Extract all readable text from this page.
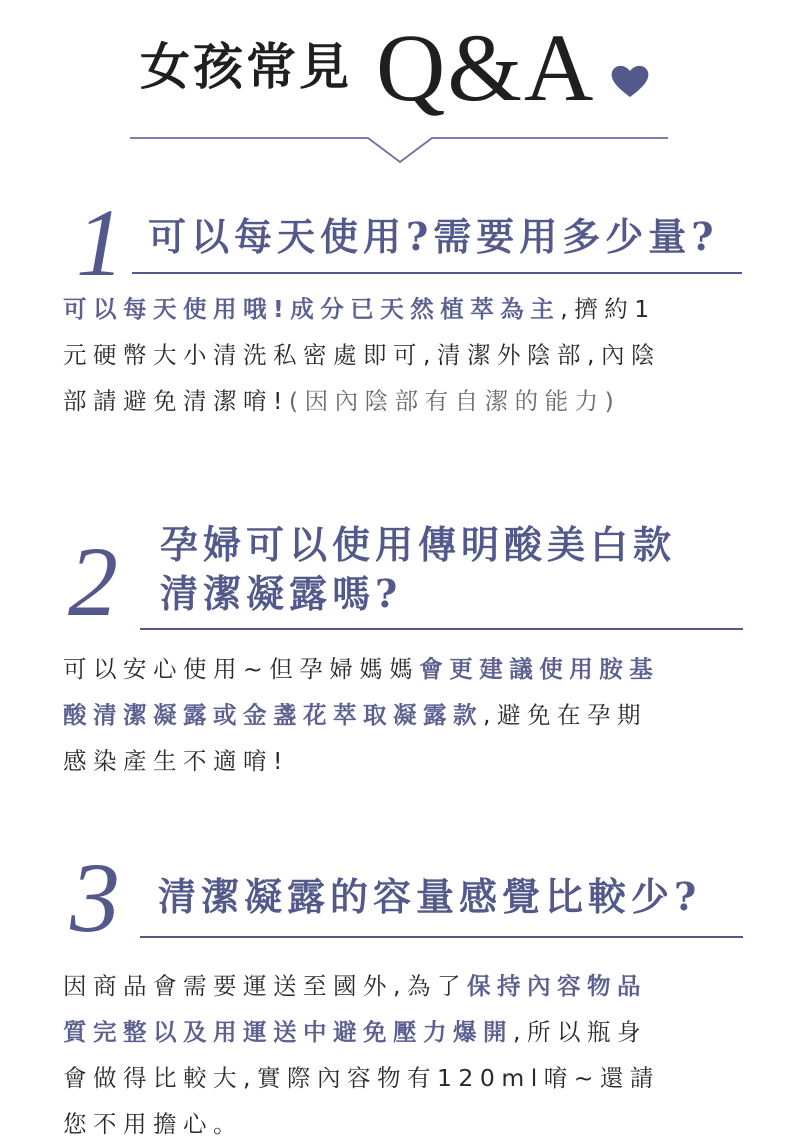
女孩常見 Q&A
1 可以每天使用?需要用多少量?
可以每天使用哦!成分已天然植萃為主,擠約1
元硬幣大小清洗私密處即可,清潔外陰部,內陰
部請避免清潔唷!(因內陰部有自潔的能力)
2 孕婦可以使用傳明酸美白款
清潔凝露嗎?
可以安心使用~但孕婦媽媽會更建議使用胺基
酸清潔凝露或金盞花萃取凝露款,避免在孕期
感染產生不適唷!
3 清潔凝露的容量感覺比較少?
因商品會需要運送至國外,為了保持內容物品
質完整以及用運送中避免壓力爆開,所以瓶身
會做得比較大,實際內容物有120ml唷~還請
您不用擔心。
